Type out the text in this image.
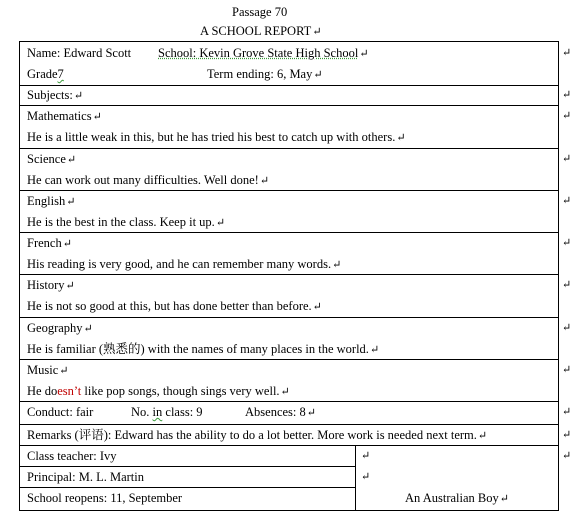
Passage 70
A SCHOOL REPORT ↵
Name: Edward Scott School: Kevin Grove State High School ↵
Grade7	Term ending: 6, May ↵
Subjects: ↵
Mathematics ↵
He is a little weak in this, but he has tried his best to catch up with others. ↵
Science ↵
He can work out many difficulties. Well done! ↵
English ↵
He is the best in the class. Keep it up. ↵
French ↵
His reading is very good, and he can remember many words. ↵
History ↵
He is not so good at this, but has done better than before. ↵
Geography ↵
He is familiar (熟悉的) with the names of many places in the world. ↵
Music ↵
He doesn’t like pop songs, though sings very well. ↵
Conduct: fair	No. in class: 9	Absences: 8 ↵
Remarks (评语): Edward has the ability to do a lot better. More work is needed next term. ↵
Class teacher: Ivy
Principal: M. L. Martin
School reopens: 11, September	An Australian Boy ↵
↵
↵
↵
↵
↵
↵
↵
↵
↵
↵
↵
↵
↵
↵
